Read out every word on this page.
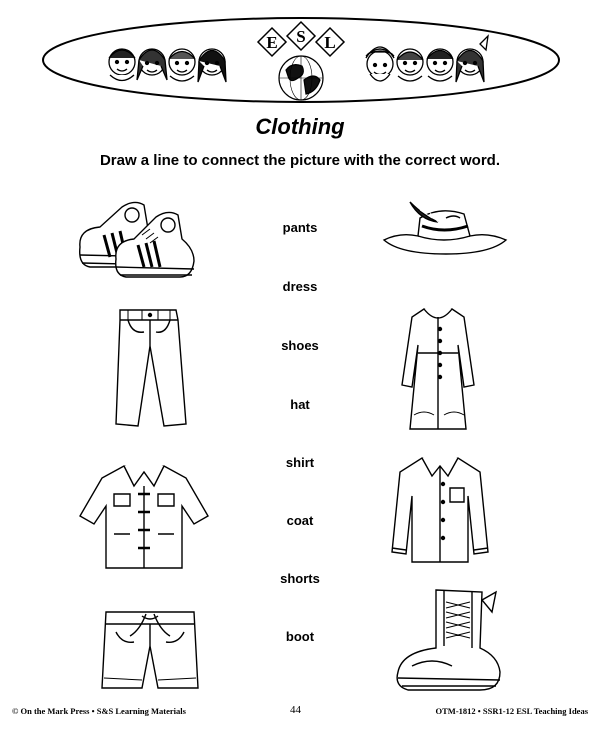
E S L
Clothing
Draw a line to connect the picture with the correct word.
pants
dress
shoes
hat
shirt
coat
shorts
boot
© On the Mark Press • S&S Learning Materials	44	OTM-1812 • SSR1-12 ESL Teaching Ideas
